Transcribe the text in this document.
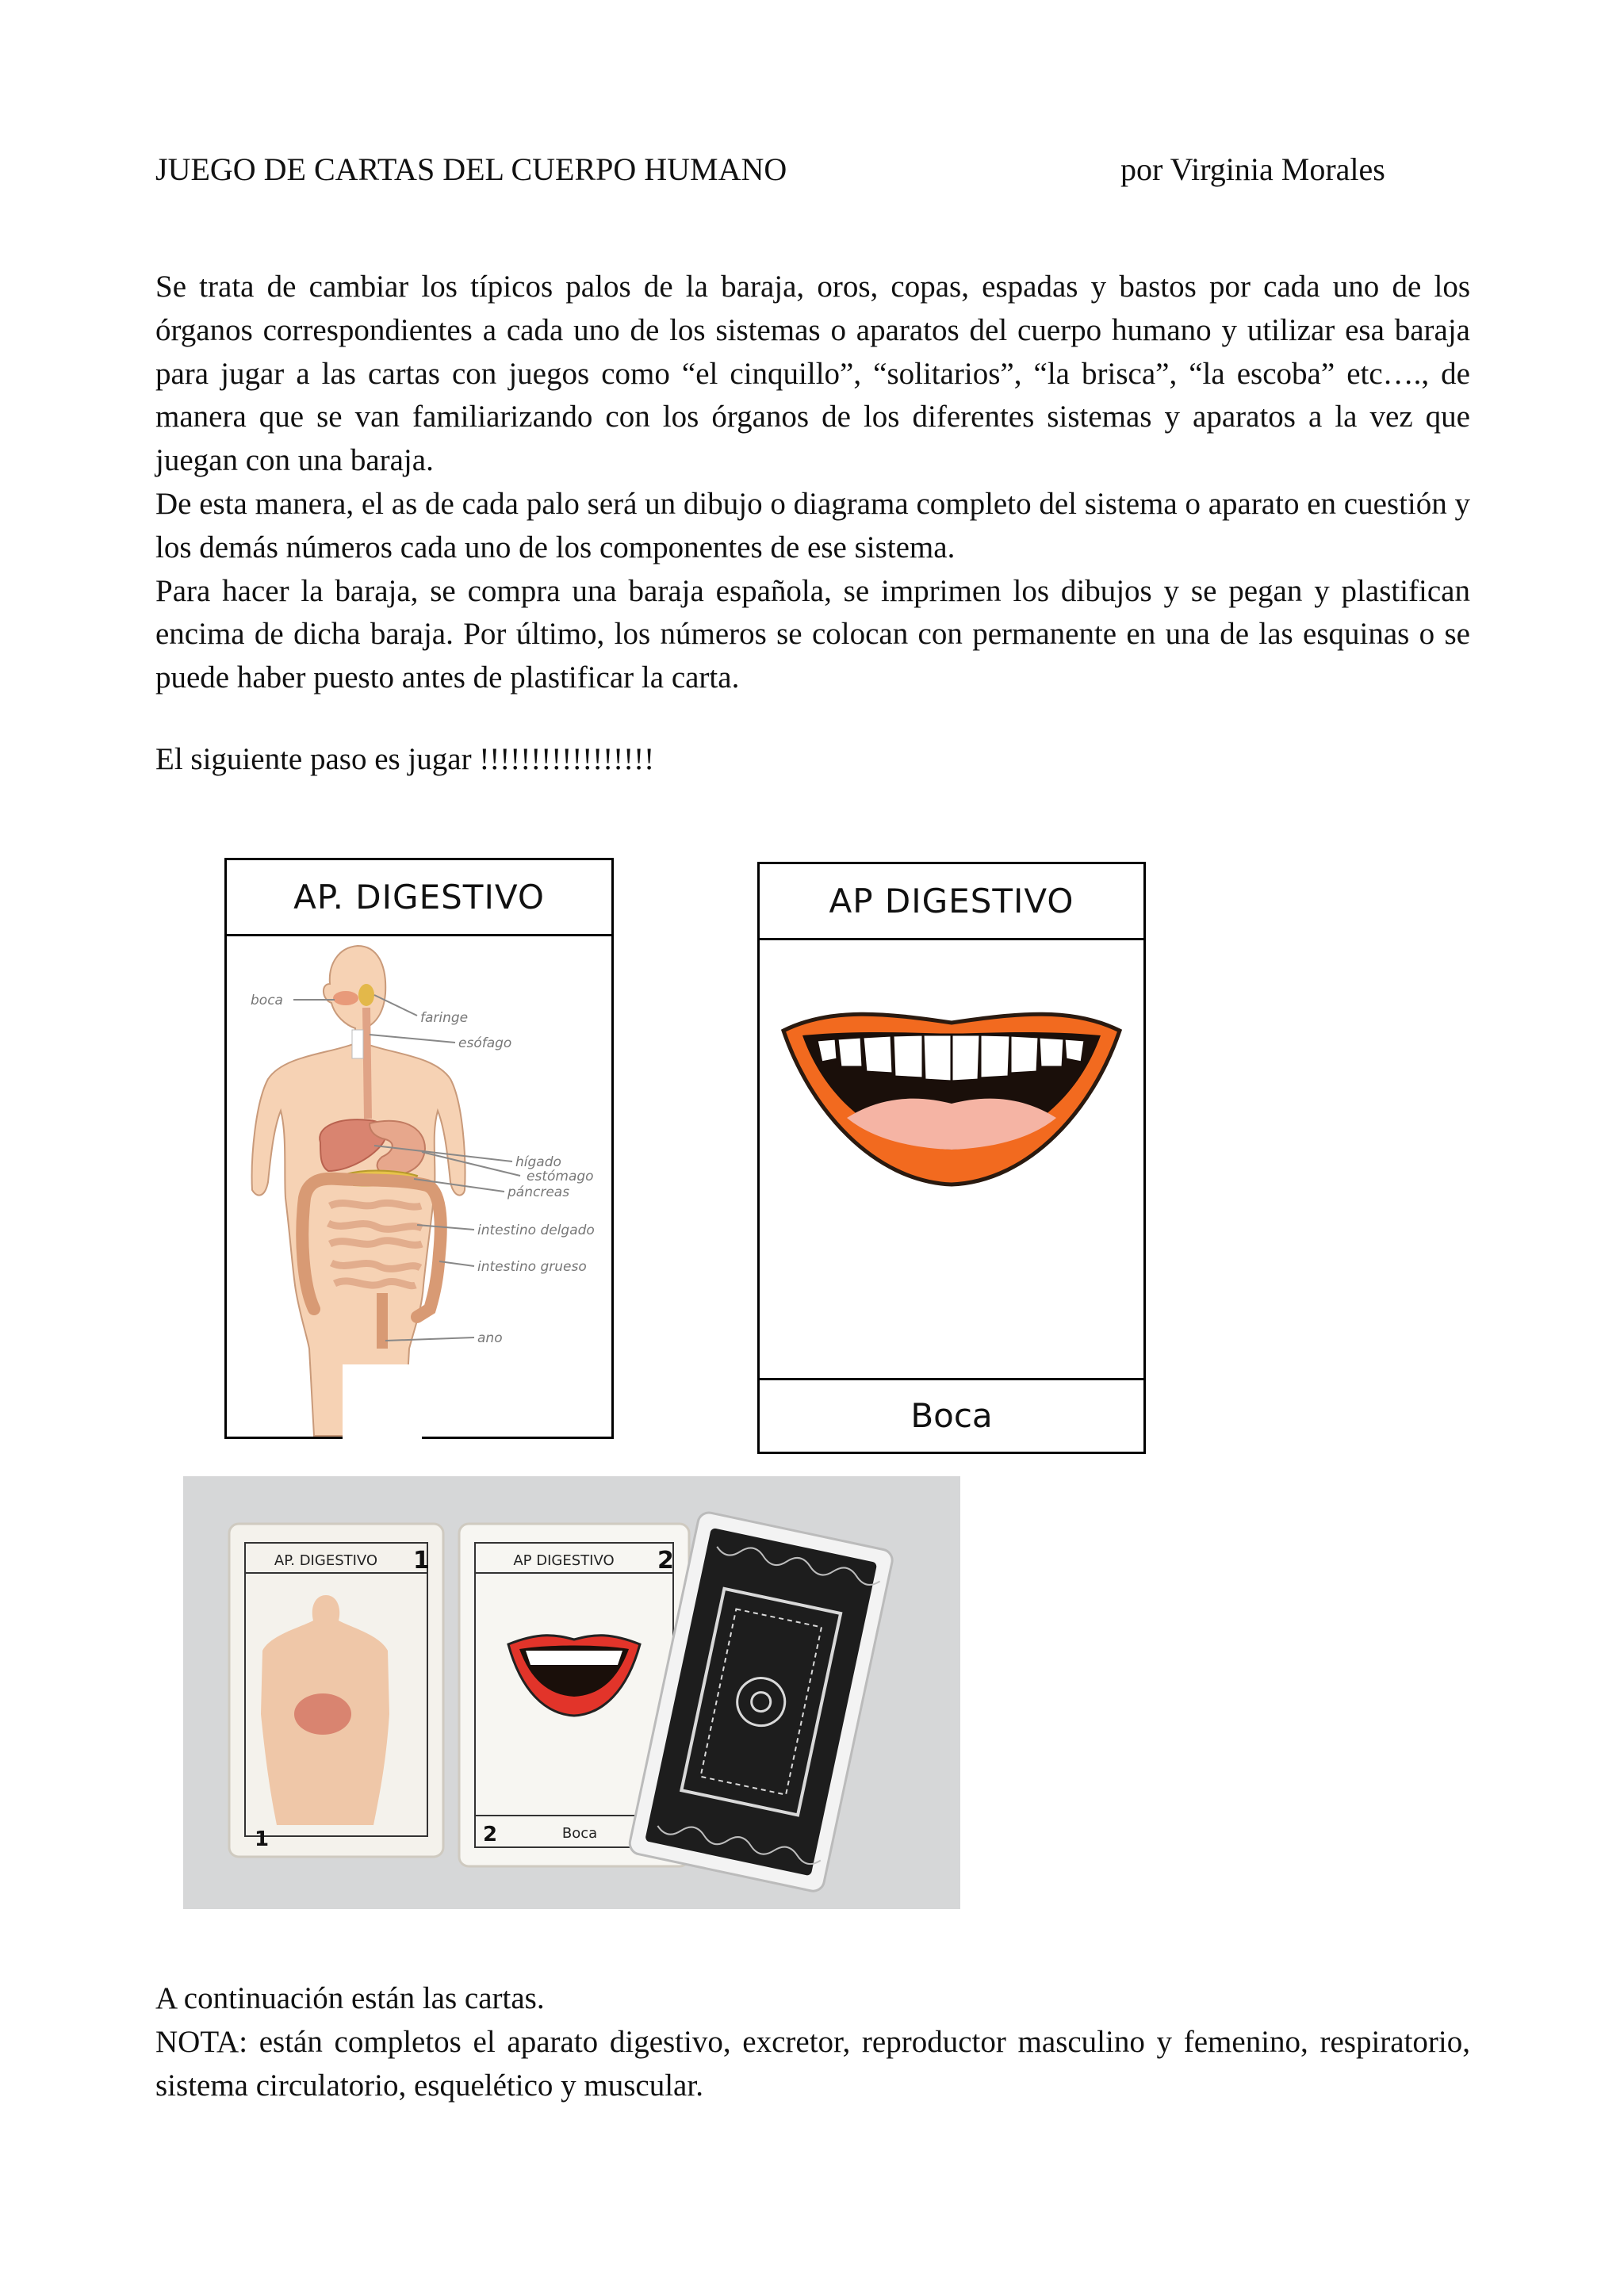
JUEGO DE CARTAS DEL CUERPO HUMANO	por Virginia Morales

Se trata de cambiar los típicos palos de la baraja, oros, copas, espadas y bastos por cada uno de los órganos correspondientes a cada uno de los sistemas o aparatos del cuerpo humano y utilizar esa baraja para jugar a las cartas con juegos como “el cinquillo”, “solitarios”, “la brisca”, “la escoba” etc…., de manera que se van familiarizando con los órganos de los diferentes sistemas y aparatos a la vez que juegan con una baraja.

De esta manera, el as de cada palo será un dibujo o diagrama completo del sistema o aparato en cuestión y los demás números cada uno de los componentes de ese sistema.

Para hacer la baraja, se compra una baraja española, se imprimen los dibujos y se pegan y plastifican encima de dicha baraja. Por último, los números se colocan con permanente en una de las esquinas o se puede haber puesto antes de plastificar la carta.

El siguiente paso es jugar !!!!!!!!!!!!!!!!!
AP. DIGESTIVO
boca
faringe
esófago
hígado
estómago
páncreas
intestino delgado
intestino grueso
ano
AP DIGESTIVO
Boca
AP. DIGESTIVO 1
1
AP DIGESTIVO 2
2	Boca

A continuación están las cartas.

NOTA: están completos el aparato digestivo, excretor, reproductor masculino y femenino, respiratorio, sistema circulatorio, esquelético y muscular.
